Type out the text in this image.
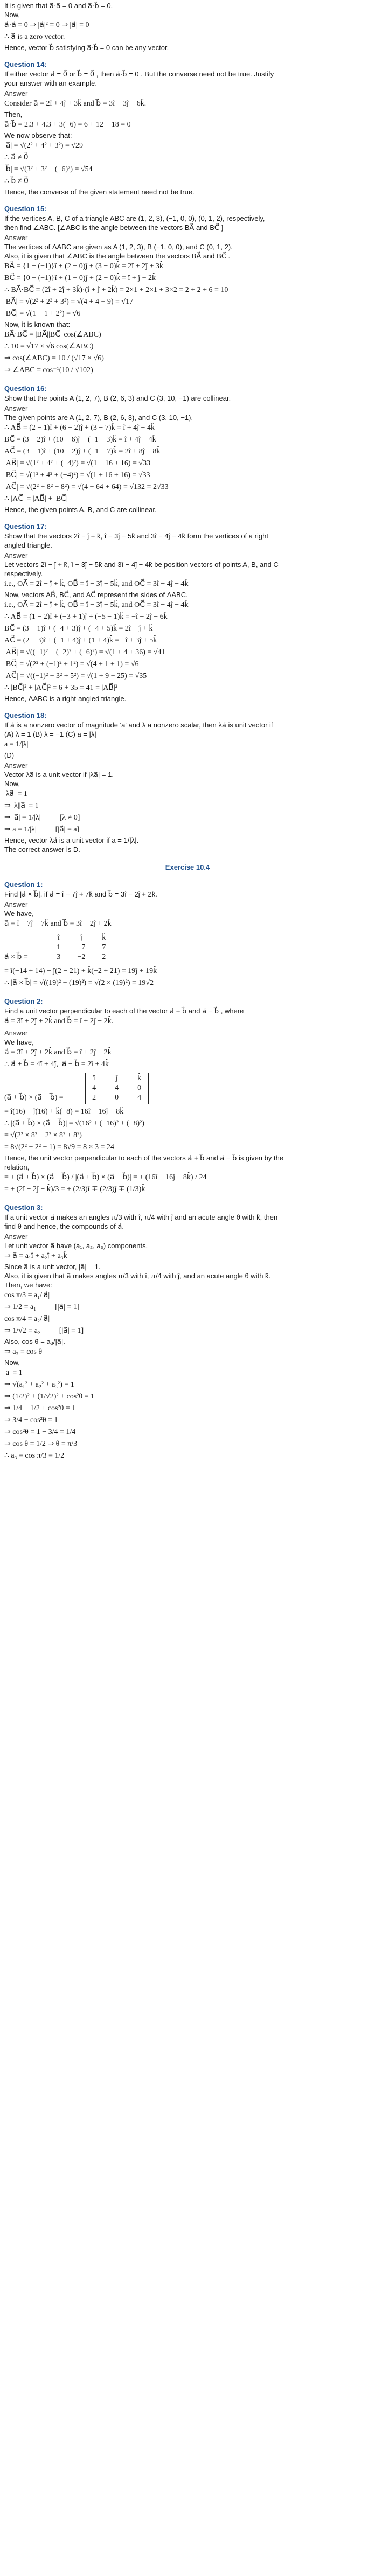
It is given that a⃗·a⃗ = 0 and a⃗·b⃗ = 0.
Now,
a⃗·a⃗ = 0 ⇒ |a⃗|² = 0 ⇒ |a⃗| = 0
∴ a⃗ is a zero vector.
Hence, vector b⃗ satisfying a⃗·b⃗ = 0 can be any vector.
Question 14:
If either vector a⃗ = 0⃗ or b⃗ = 0⃗ , then a⃗·b⃗ = 0 . But the converse need not be true. Justify
your answer with an example.
Answer
Consider a⃗ = 2î + 4ĵ + 3k̂ and b⃗ = 3î + 3ĵ − 6k̂.
Then,
a⃗·b⃗ = 2.3 + 4.3 + 3(−6) = 6 + 12 − 18 = 0
We now observe that:
|a⃗| = √(2² + 4² + 3²) = √29
∴ a⃗ ≠ 0⃗
|b⃗| = √(3² + 3² + (−6)²) = √54
∴ b⃗ ≠ 0⃗
Hence, the converse of the given statement need not be true.
Question 15:
If the vertices A, B, C of a triangle ABC are (1, 2, 3), (−1, 0, 0), (0, 1, 2), respectively,
then find ∠ABC. [∠ABC is the angle between the vectors BA⃗ and BC⃗ ]
Answer
The vertices of ΔABC are given as A (1, 2, 3), B (−1, 0, 0), and C (0, 1, 2).
Also, it is given that ∠ABC is the angle between the vectors BA⃗ and BC⃗ .
BA⃗ = {1 − (−1)}î + (2 − 0)ĵ + (3 − 0)k̂ = 2î + 2ĵ + 3k̂
BC⃗ = {0 − (−1)}î + (1 − 0)ĵ + (2 − 0)k̂ = î + ĵ + 2k̂
∴ BA⃗·BC⃗ = (2î + 2ĵ + 3k̂)·(î + ĵ + 2k̂) = 2×1 + 2×1 + 3×2 = 2 + 2 + 6 = 10
|BA⃗| = √(2² + 2² + 3²) = √(4 + 4 + 9) = √17
|BC⃗| = √(1 + 1 + 2²) = √6
Now, it is known that:
BA⃗·BC⃗ = |BA⃗||BC⃗| cos(∠ABC)
∴ 10 = √17 × √6 cos(∠ABC)
⇒ cos(∠ABC) = 10 / (√17 × √6)
⇒ ∠ABC = cos⁻¹(10 / √102)
Question 16:
Show that the points A (1, 2, 7), B (2, 6, 3) and C (3, 10, −1) are collinear.
Answer
The given points are A (1, 2, 7), B (2, 6, 3), and C (3, 10, −1).
∴ AB⃗ = (2 − 1)î + (6 − 2)ĵ + (3 − 7)k̂ = î + 4ĵ − 4k̂
BC⃗ = (3 − 2)î + (10 − 6)ĵ + (−1 − 3)k̂ = î + 4ĵ − 4k̂
AC⃗ = (3 − 1)î + (10 − 2)ĵ + (−1 − 7)k̂ = 2î + 8ĵ − 8k̂
|AB⃗| = √(1² + 4² + (−4)²) = √(1 + 16 + 16) = √33
|BC⃗| = √(1² + 4² + (−4)²) = √(1 + 16 + 16) = √33
|AC⃗| = √(2² + 8² + 8²) = √(4 + 64 + 64) = √132 = 2√33
∴ |AC⃗| = |AB⃗| + |BC⃗|
Hence, the given points A, B, and C are collinear.
Question 17:
Show that the vectors 2î − ĵ + k̂, î − 3ĵ − 5k̂ and 3î − 4ĵ − 4k̂ form the vertices of a right
angled triangle.
Answer
Let vectors 2î − ĵ + k̂, î − 3ĵ − 5k̂ and 3î − 4ĵ − 4k̂ be position vectors of points A, B, and C
respectively.
i.e., OA⃗ = 2î − ĵ + k̂, OB⃗ = î − 3ĵ − 5k̂, and OC⃗ = 3î − 4ĵ − 4k̂
Now, vectors AB⃗, BC⃗, and AC⃗ represent the sides of ΔABC.
i.e., OA⃗ = 2î − ĵ + k̂, OB⃗ = î − 3ĵ − 5k̂, and OC⃗ = 3î − 4ĵ − 4k̂
∴ AB⃗ = (1 − 2)î + (−3 + 1)ĵ + (−5 − 1)k̂ = −î − 2ĵ − 6k̂
BC⃗ = (3 − 1)î + (−4 + 3)ĵ + (−4 + 5)k̂ = 2î − ĵ + k̂
AC⃗ = (2 − 3)î + (−1 + 4)ĵ + (1 + 4)k̂ = −î + 3ĵ + 5k̂
|AB⃗| = √((−1)² + (−2)² + (−6)²) = √(1 + 4 + 36) = √41
|BC⃗| = √(2² + (−1)² + 1²) = √(4 + 1 + 1) = √6
|AC⃗| = √((−1)² + 3² + 5²) = √(1 + 9 + 25) = √35
∴ |BC⃗|² + |AC⃗|² = 6 + 35 = 41 = |AB⃗|²
Hence, ΔABC is a right-angled triangle.
Question 18:
If a⃗ is a nonzero vector of magnitude 'a' and λ a nonzero scalar, then λa⃗ is unit vector if
(A) λ = 1 (B) λ = −1 (C) a = |λ|
a = 1/|λ|
(D)
Answer
Vector λa⃗ is a unit vector if |λa⃗| = 1.
Now,
|λa⃗| = 1
⇒ |λ||a⃗| = 1
⇒ |a⃗| = 1/|λ|          [λ ≠ 0]
⇒ a = 1/|λ|          [|a⃗| = a]
Hence, vector λa⃗ is a unit vector if a = 1/|λ|.
The correct answer is D.
Exercise 10.4
Question 1:
Find |a⃗ × b⃗|, if a⃗ = î − 7ĵ + 7k̂ and b⃗ = 3î − 2ĵ + 2k̂.
Answer
We have,
a⃗ = î − 7ĵ + 7k̂ and b⃗ = 3î − 2ĵ + 2k̂
a⃗ × b⃗ =
î	ĵ	k̂
1	−7	7
3	−2	2
= î(−14 + 14) − ĵ(2 − 21) + k̂(−2 + 21) = 19ĵ + 19k̂
∴ |a⃗ × b⃗| = √((19)² + (19)²) = √(2 × (19)²) = 19√2
Question 2:
Find a unit vector perpendicular to each of the vector a⃗ + b⃗ and a⃗ − b⃗ , where
a⃗ = 3î + 2ĵ + 2k̂ and b⃗ = î + 2ĵ − 2k̂.
Answer
We have,
a⃗ = 3î + 2ĵ + 2k̂ and b⃗ = î + 2ĵ − 2k̂
∴ a⃗ + b⃗ = 4î + 4ĵ,  a⃗ − b⃗ = 2î + 4k̂
(a⃗ + b⃗) × (a⃗ − b⃗) =
î	ĵ	k̂
4	4	0
2	0	4
= î(16) − ĵ(16) + k̂(−8) = 16î − 16ĵ − 8k̂
∴ |(a⃗ + b⃗) × (a⃗ − b⃗)| = √(16² + (−16)² + (−8)²)
= √(2² × 8² + 2² × 8² + 8²)
= 8√(2² + 2² + 1) = 8√9 = 8 × 3 = 24
Hence, the unit vector perpendicular to each of the vectors a⃗ + b⃗ and a⃗ − b⃗ is given by the
relation,
= ± (a⃗ + b⃗) × (a⃗ − b⃗) / |(a⃗ + b⃗) × (a⃗ − b⃗)| = ± (16î − 16ĵ − 8k̂) / 24
= ± (2î − 2ĵ − k̂)/3 = ± (2/3)î ∓ (2/3)ĵ ∓ (1/3)k̂
Question 3:
If a unit vector a⃗ makes an angles π/3 with î, π/4 with ĵ and an acute angle θ with k̂, then
find θ and hence, the compounds of a⃗.
Answer
Let unit vector a⃗ have (a₁, a₂, a₃) components.
⇒ a⃗ = a₁î + a₂ĵ + a₃k̂
Since a⃗ is a unit vector, |a⃗| = 1.
Also, it is given that a⃗ makes angles π/3 with î, π/4 with ĵ, and an acute angle θ with k̂.
Then, we have:
cos π/3 = a₁/|a⃗|
⇒ 1/2 = a₁          [|a⃗| = 1]
cos π/4 = a₂/|a⃗|
⇒ 1/√2 = a₂          [|a⃗| = 1]
Also, cos θ = a₃/|a⃗|.
⇒ a₃ = cos θ
Now,
|a| = 1
⇒ √(a₁² + a₂² + a₃²) = 1
⇒ (1/2)² + (1/√2)² + cos²θ = 1
⇒ 1/4 + 1/2 + cos²θ = 1
⇒ 3/4 + cos²θ = 1
⇒ cos²θ = 1 − 3/4 = 1/4
⇒ cos θ = 1/2 ⇒ θ = π/3
∴ a₃ = cos π/3 = 1/2
